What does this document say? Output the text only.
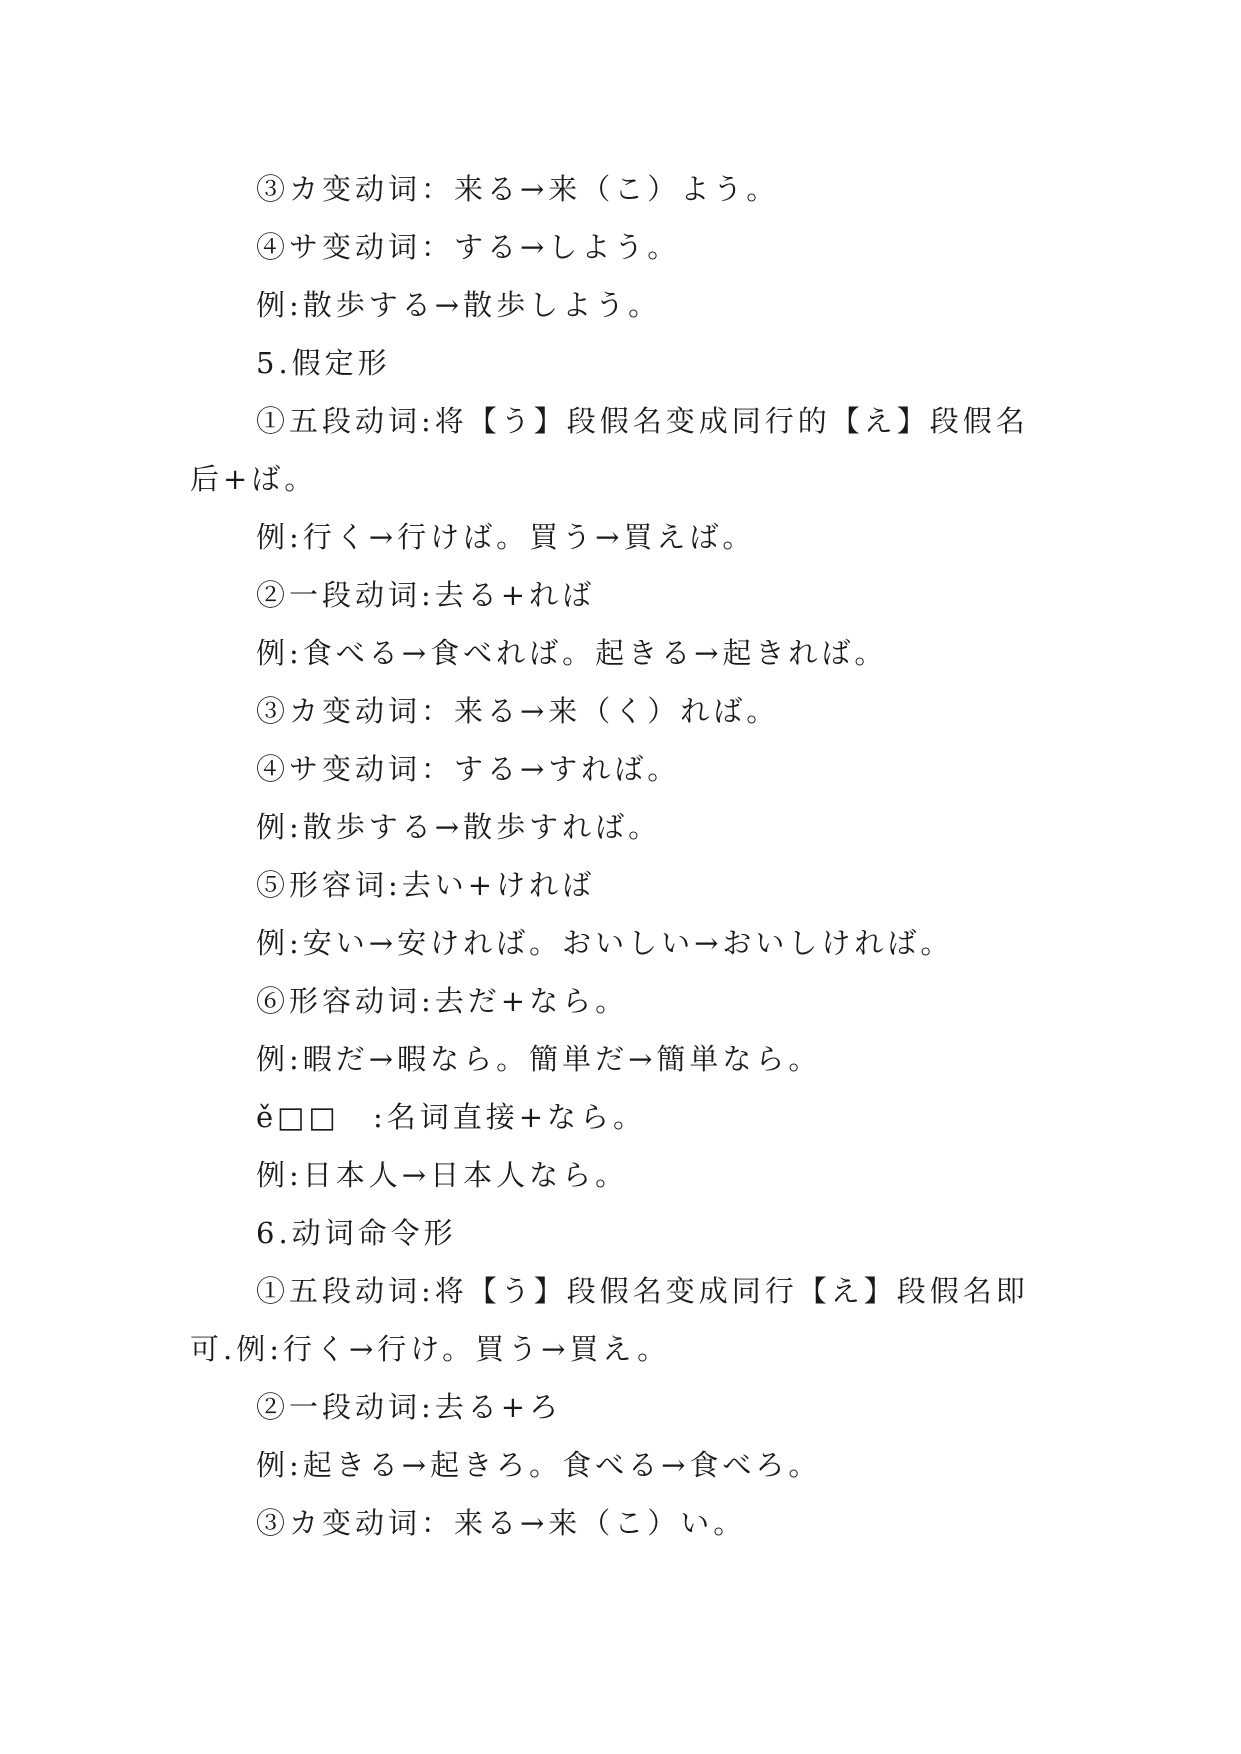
③カ变动词：来る→来（こ）よう。

④サ变动词：する→しよう。

例:散歩する→散歩しよう。

5.假定形

①五段动词:将【う】段假名变成同行的【え】段假名后+ば。

例:行く→行けば。買う→買えば。

②一段动词:去る+れば

例:食べる→食べれば。起きる→起きれば。

③カ变动词：来る→来（く）れば。

④サ变动词：する→すれば。

例:散歩する→散歩すれば。

⑤形容词:去い+ければ

例:安い→安ければ。おいしい→おいしければ。

⑥形容动词:去だ+なら。

例:暇だ→暇なら。簡単だ→簡単なら。

ě□□　:名词直接+なら。

例:日本人→日本人なら。

6.动词命令形

①五段动词:将【う】段假名变成同行【え】段假名即可.例:行く→行け。買う→買え。

②一段动词:去る+ろ

例:起きる→起きろ。食べる→食べろ。

③カ变动词：来る→来（こ）い。
